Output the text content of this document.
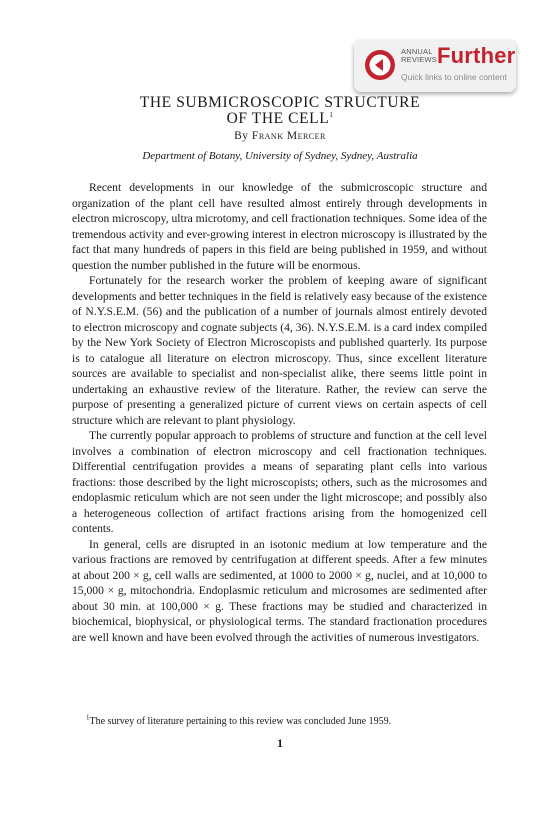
ANNUAL
REVIEWS Further
Quick links to online content
THE SUBMICROSCOPIC STRUCTURE
OF THE CELL$^1$
By Frank Mercer
Department of Botany, University of Sydney, Sydney, Australia

Recent developments in our knowledge of the submicroscopic structure and organization of the plant cell have resulted almost entirely through developments in electron microscopy, ultra microtomy, and cell fractionation techniques. Some idea of the tremendous activity and ever-growing interest in electron microscopy is illustrated by the fact that many hundreds of papers in this field are being published in 1959, and without question the number published in the future will be enormous.

Fortunately for the research worker the problem of keeping aware of significant developments and better techniques in the field is relatively easy because of the existence of N.Y.S.E.M. (56) and the publication of a number of journals almost entirely devoted to electron microscopy and cognate subjects (4, 36). N.Y.S.E.M. is a card index compiled by the New York Society of Electron Microscopists and published quarterly. Its purpose is to catalogue all literature on electron microscopy. Thus, since excellent literature sources are available to specialist and non-specialist alike, there seems little point in undertaking an exhaustive review of the literature. Rather, the review can serve the purpose of presenting a generalized picture of current views on certain aspects of cell structure which are relevant to plant physiology.

The currently popular approach to problems of structure and function at the cell level involves a combination of electron microscopy and cell fractionation techniques. Differential centrifugation provides a means of separating plant cells into various fractions: those described by the light microscopists; others, such as the microsomes and endoplasmic reticulum which are not seen under the light microscope; and possibly also a heterogeneous collection of artifact fractions arising from the homogenized cell contents.

In general, cells are disrupted in an isotonic medium at low temperature and the various fractions are removed by centrifugation at different speeds. After a few minutes at about 200 × g, cell walls are sedimented, at 1000 to 2000 × g, nuclei, and at 10,000 to 15,000 × g, mitochondria. Endoplasmic reticulum and microsomes are sedimented after about 30 min. at 100,000 × g. These fractions may be studied and characterized in biochemical, biophysical, or physiological terms. The standard fractionation procedures are well known and have been evolved through the activities of numerous investigators.

$^1$The survey of literature pertaining to this review was concluded June 1959.
1
